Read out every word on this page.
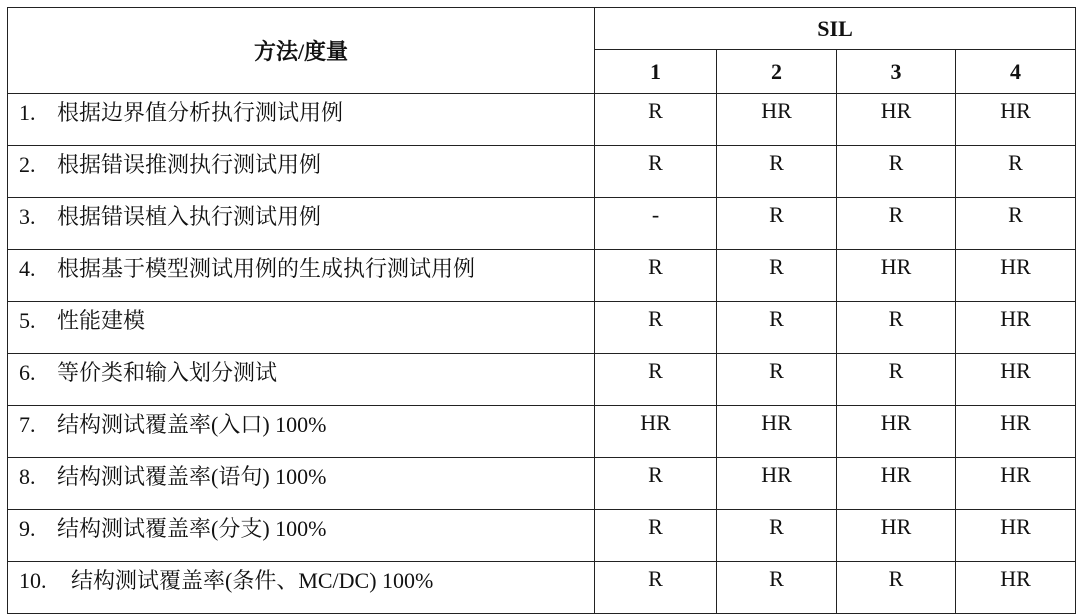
方法/度量	SIL			
	1	2	3	4
1. 根据边界值分析执行测试用例	R	HR	HR	HR
2. 根据错误推测执行测试用例	R	R	R	R
3. 根据错误植入执行测试用例	-	R	R	R
4. 根据基于模型测试用例的生成执行测试用例	R	R	HR	HR
5. 性能建模	R	R	R	HR
6. 等价类和输入划分测试	R	R	R	HR
7. 结构测试覆盖率(入口) 100%	HR	HR	HR	HR
8. 结构测试覆盖率(语句) 100%	R	HR	HR	HR
9. 结构测试覆盖率(分支) 100%	R	R	HR	HR
10. 结构测试覆盖率(条件、MC/DC) 100%	R	R	R	HR
